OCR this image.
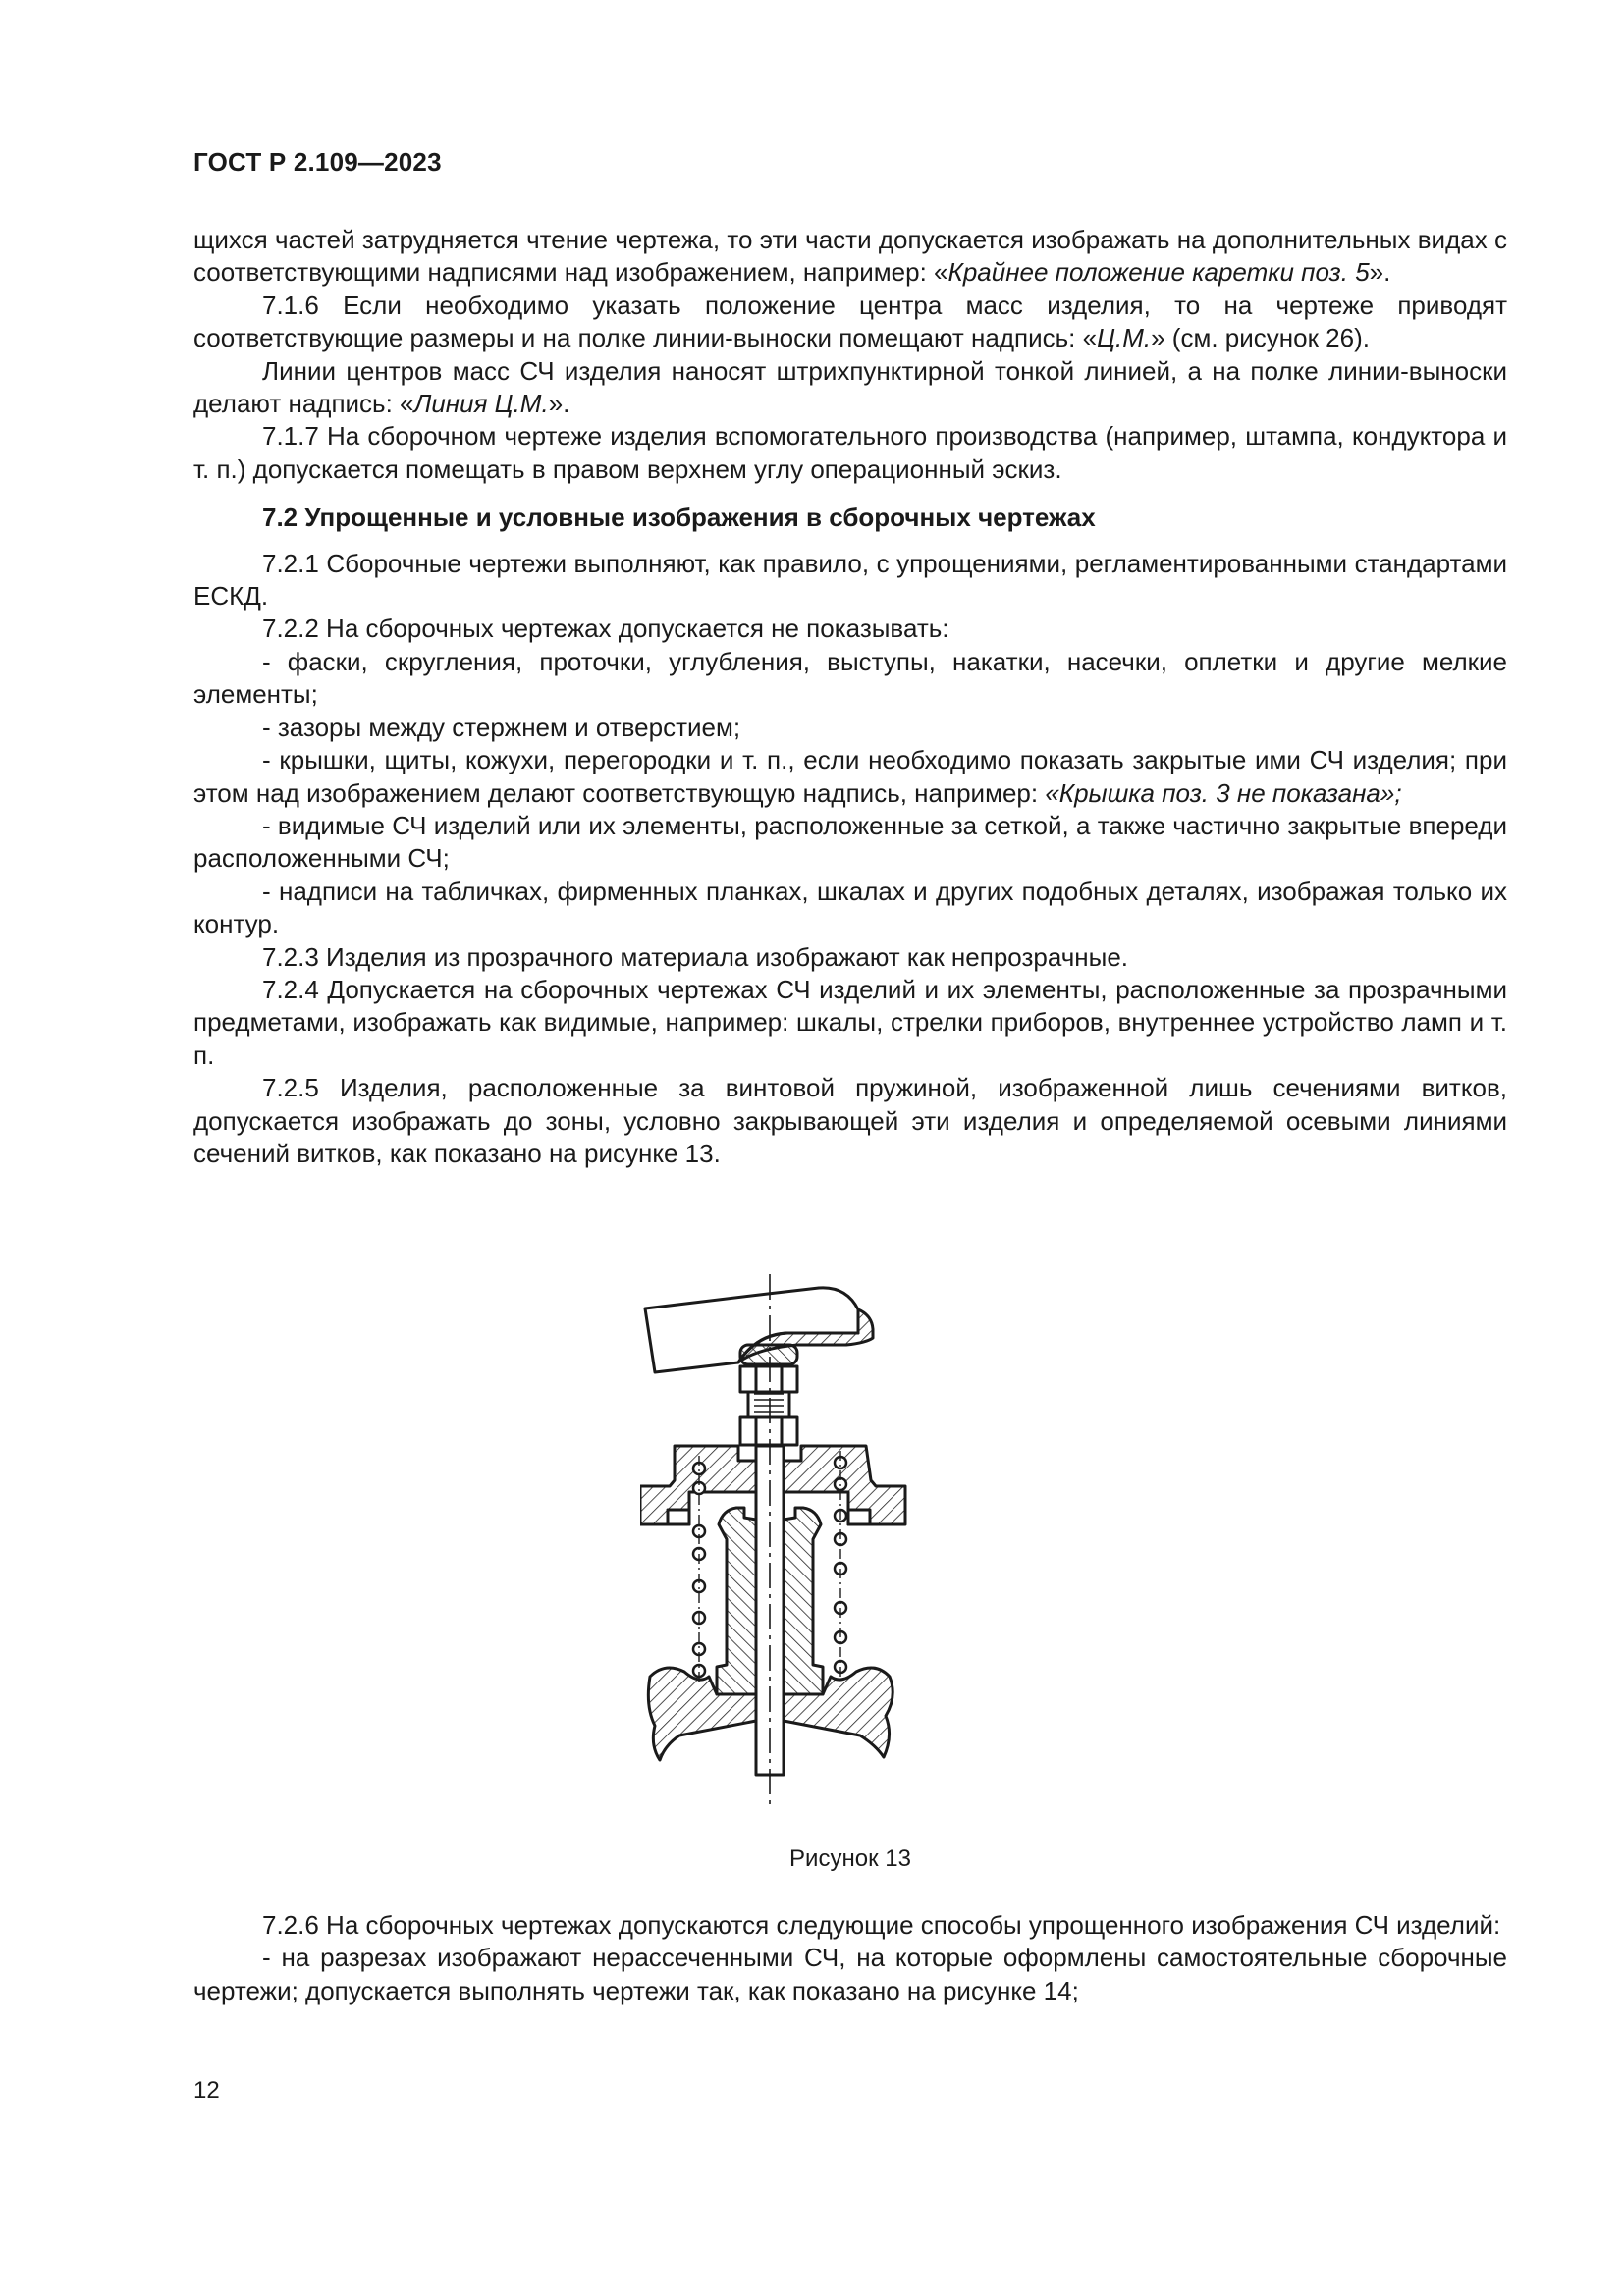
ГОСТ Р 2.109—2023

щихся частей затрудняется чтение чертежа, то эти части допускается изображать на дополнительных видах с соответствующими надписями над изображением, например: «Крайнее положение каретки поз. 5».

7.1.6 Если необходимо указать положение центра масс изделия, то на чертеже приводят соответствующие размеры и на полке линии-выноски помещают надпись: «Ц.М.» (см. рисунок 26).

Линии центров масс СЧ изделия наносят штрихпунктирной тонкой линией, а на полке линии-выноски делают надпись: «Линия Ц.М.».

7.1.7 На сборочном чертеже изделия вспомогательного производства (например, штампа, кондуктора и т. п.) допускается помещать в правом верхнем углу операционный эскиз.

7.2 Упрощенные и условные изображения в сборочных чертежах

7.2.1 Сборочные чертежи выполняют, как правило, с упрощениями, регламентированными стандартами ЕСКД.

7.2.2 На сборочных чертежах допускается не показывать:

- фаски, скругления, проточки, углубления, выступы, накатки, насечки, оплетки и другие мелкие элементы;

- зазоры между стержнем и отверстием;

- крышки, щиты, кожухи, перегородки и т. п., если необходимо показать закрытые ими СЧ изделия; при этом над изображением делают соответствующую надпись, например: «Крышка поз. 3 не показана»;

- видимые СЧ изделий или их элементы, расположенные за сеткой, а также частично закрытые впереди расположенными СЧ;

- надписи на табличках, фирменных планках, шкалах и других подобных деталях, изображая только их контур.

7.2.3 Изделия из прозрачного материала изображают как непрозрачные.

7.2.4 Допускается на сборочных чертежах СЧ изделий и их элементы, расположенные за прозрачными предметами, изображать как видимые, например: шкалы, стрелки приборов, внутреннее устройство ламп и т. п.

7.2.5 Изделия, расположенные за винтовой пружиной, изображенной лишь сечениями витков, допускается изображать до зоны, условно закрывающей эти изделия и определяемой осевыми линиями сечений витков, как показано на рисунке 13.

Рисунок 13

7.2.6 На сборочных чертежах допускаются следующие способы упрощенного изображения СЧ изделий:

- на разрезах изображают нерассеченными СЧ, на которые оформлены самостоятельные сборочные чертежи; допускается выполнять чертежи так, как показано на рисунке 14;

12
